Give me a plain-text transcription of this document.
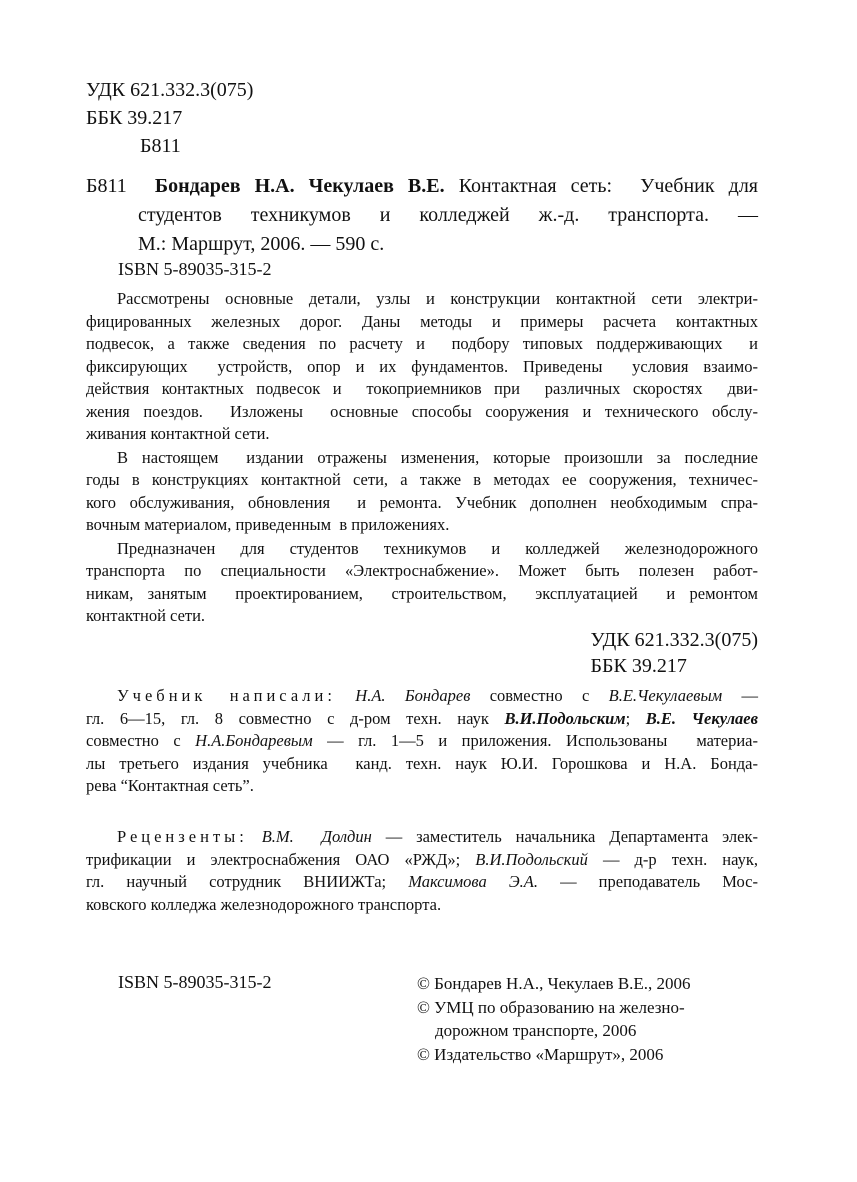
УДК 621.332.3(075)
ББК 39.217
Б811
Б811  Бондарев Н.А. Чекулаев В.Е. Контактная сеть:  Учебник для
студентов  техникумов  и  колледжей  ж.-д.  транспорта.  —
М.: Маршрут, 2006. — 590 с.
ISBN 5-89035-315-2
Рассмотрены основные детали, узлы и конструкции контактной сети электри-
фицированных железных дорог. Даны методы и примеры расчета контактных
подвесок, а также сведения по расчету и  подбору типовых поддерживающих  и
фиксирующих  устройств, опор и их фундаментов. Приведены  условия взаимо-
действия контактных подвесок и  токоприемников при  различных скоростях  дви-
жения поездов.  Изложены  основные способы сооружения и технического обслу-
живания контактной сети.
В настоящем  издании отражены изменения, которые произошли за последние
годы в конструкциях контактной сети, а также в методах ее сооружения, техничес-
кого обслуживания, обновления  и ремонта. Учебник дополнен необходимым спра-
вочным материалом, приведенным  в приложениях.
Предназначен для студентов техникумов и колледжей железнодорожного
транспорта по специальности «Электроснабжение». Может быть полезен работ-
никам, занятым  проектированием,  строительством,  эксплуатацией  и ремонтом
контактной сети.
УДК 621.332.3(075)
ББК 39.217
Учебник написали: Н.А. Бондарев совместно с В.Е.Чекулаевым —
гл. 6—15, гл. 8 совместно с д-ром техн. наук В.И.Подольским; В.Е. Чекулаев
совместно с Н.А.Бондаревым — гл. 1—5 и приложения. Использованы  материа-
лы третьего издания учебника  канд. техн. наук Ю.И. Горошкова и Н.А. Бонда-
рева “Контактная сеть”.
Рецензенты: В.М.  Долдин — заместитель начальника Департамента элек-
трификации и электроснабжения ОАО «РЖД»; В.И.Подольский — д-р техн. наук,
гл. научный сотрудник ВНИИЖТа; Максимова Э.А. — преподаватель Мос-
ковского колледжа железнодорожного транспорта.
ISBN 5-89035-315-2	© Бондарев Н.А., Чекулаев В.Е., 2006
© УМЦ по образованию на железно-
дорожном транспорте, 2006
© Издательство «Маршрут», 2006
